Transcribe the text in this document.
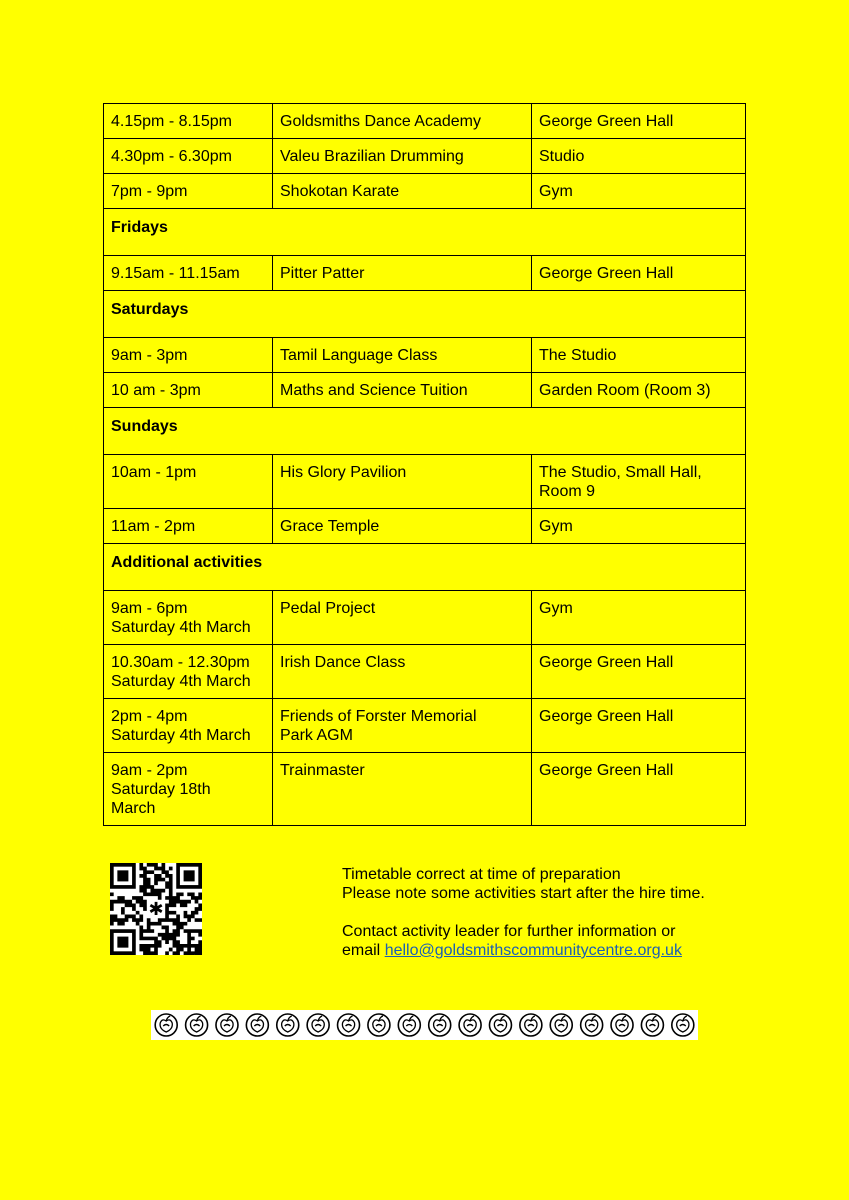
4.15pm - 8.15pm	Goldsmiths Dance Academy	George Green Hall
4.30pm - 6.30pm	Valeu Brazilian Drumming	Studio
7pm - 9pm	Shokotan Karate	Gym
Fridays		
9.15am - 11.15am	Pitter Patter	George Green Hall
Saturdays		
9am - 3pm	Tamil Language Class	The Studio
10 am - 3pm	Maths and Science Tuition	Garden Room (Room 3)
Sundays		
10am - 1pm	His Glory Pavilion	The Studio, Small Hall,
Room 9
11am - 2pm	Grace Temple	Gym
Additional activities		
9am - 6pm
Saturday 4th March	Pedal Project	Gym
10.30am - 12.30pm
Saturday 4th March	Irish Dance Class	George Green Hall
2pm - 4pm
Saturday 4th March	Friends of Forster Memorial
Park AGM	George Green Hall
9am - 2pm
Saturday 18th
March	Trainmaster	George Green Hall
✱

Timetable correct at time of preparation

Please note some activities start after the hire time.

Contact activity leader for further information or

email hello@goldsmithscommunitycentre.org.uk
